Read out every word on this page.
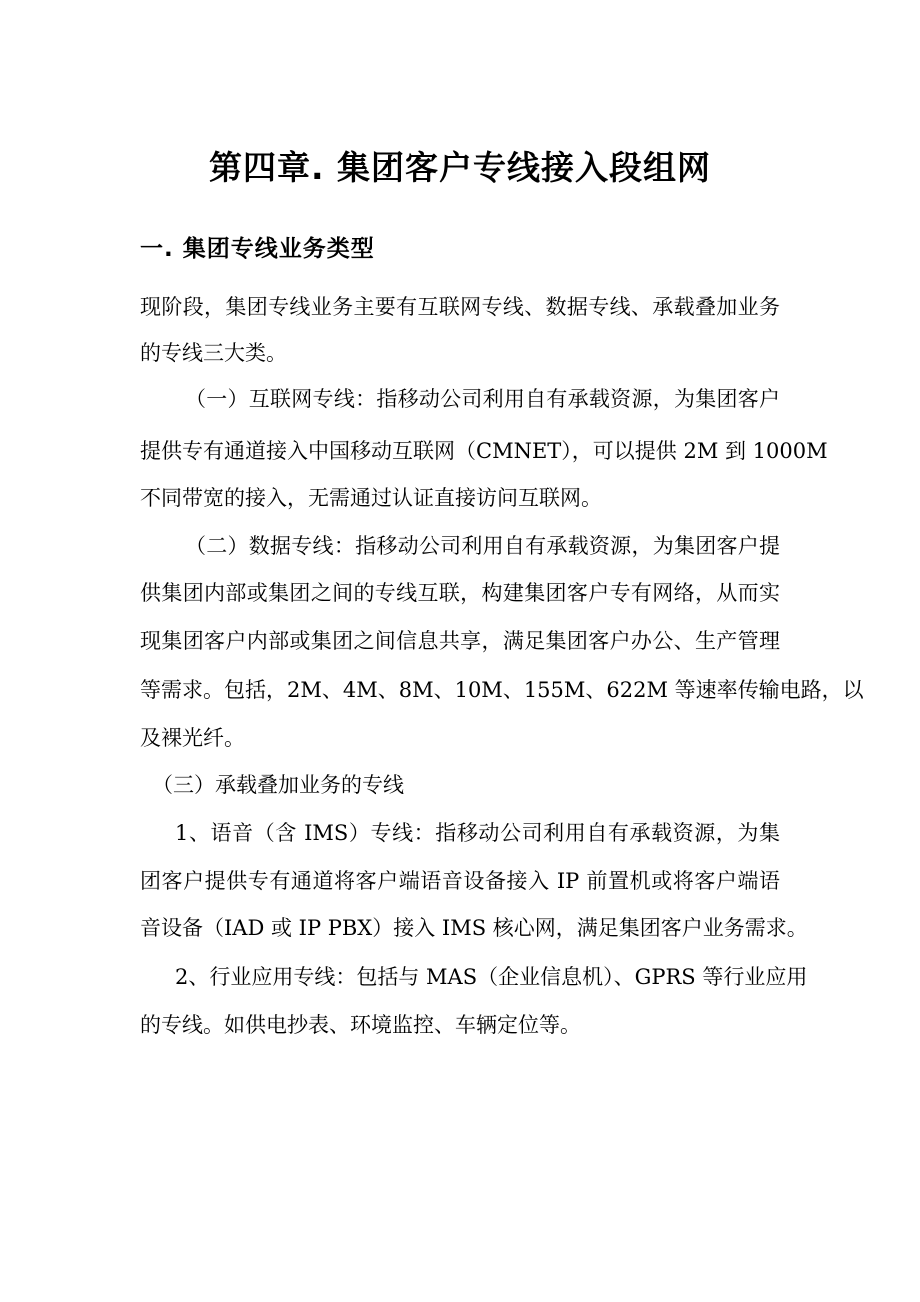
第四章. 集团客户专线接入段组网
一. 集团专线业务类型
现阶段，集团专线业务主要有互联网专线、数据专线、承载叠加业务
的专线三大类。
（一）互联网专线：指移动公司利用自有承载资源，为集团客户
提供专有通道接入中国移动互联网（CMNET），可以提供 2M 到 1000M
不同带宽的接入，无需通过认证直接访问互联网。
（二）数据专线：指移动公司利用自有承载资源，为集团客户提
供集团内部或集团之间的专线互联，构建集团客户专有网络，从而实
现集团客户内部或集团之间信息共享，满足集团客户办公、生产管理
等需求。包括，2M、4M、8M、10M、155M、622M 等速率传输电路，以
及裸光纤。
（三）承载叠加业务的专线
1、语音（含 IMS）专线：指移动公司利用自有承载资源，为集
团客户提供专有通道将客户端语音设备接入 IP 前置机或将客户端语
音设备（IAD 或 IP PBX）接入 IMS 核心网，满足集团客户业务需求。
2、行业应用专线：包括与 MAS（企业信息机）、GPRS 等行业应用
的专线。如供电抄表、环境监控、车辆定位等。
